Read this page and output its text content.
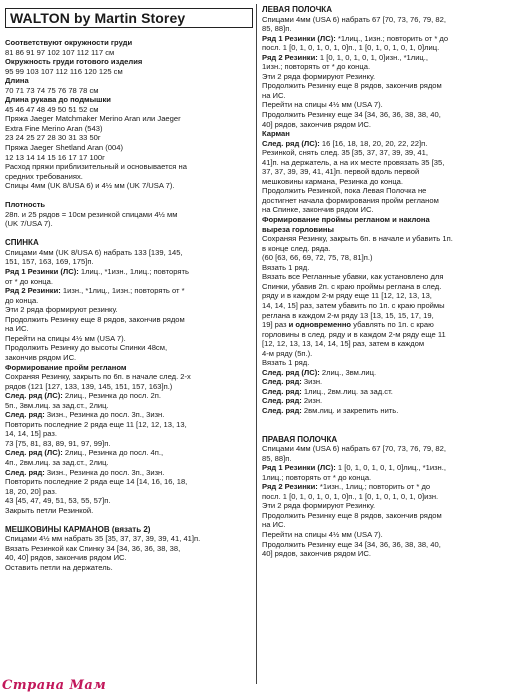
WALTON by Martin Storey
Соответствуют окружности груди
81 86 91 97 102 107 112 117 см
Окружность груди готового изделия
95 99 103 107 112 116 120 125 см
Длина
70 71 73 74 75 76 78 78 см
Длина рукава до подмышки
45 46 47 48 49 50 51 52 см
Пряжа Jaeger Matchmaker Merino Aran или Jaeger
Extra Fine Merino Aran (543)
23 24 25 27 28 30 31 33 50г
Пряжа Jaeger Shetland Aran (004)
12 13 14 14 15 16 17 17 100г
Расход пряжи приблизительный и основывается на
средних требованиях.
Спицы 4мм (UK 8/USA 6) и 4½ мм (UK 7/USA 7).
Плотность
28п. и 25 рядов = 10см резинкой спицами 4½ мм
(UK 7/USA 7).
СПИНКА
Спицами 4мм (UK 8/USA 6) набрать 133 [139, 145,
151, 157, 163, 169, 175]п.
Ряд 1 Резинки (ЛС): 1лиц., *1изн., 1лиц.; повторять
от * до конца.
Ряд 2 Резинки: 1изн., *1лиц., 1изн.; повторять от *
до конца.
Эти 2 ряда формируют резинку.
Продолжить Резинку еще 8 рядов, закончив рядом
на ИС.
Перейти на спицы 4½ мм (USA 7).
Продолжить Резинку до высоты Спинки 48см,
закончив рядом ИС.
Формирование пройм регланом
Сохраняя Резинку, закрыть по 6п. в начале след. 2-х
рядов (121 [127, 133, 139, 145, 151, 157, 163]п.)
След. ряд (ЛС): 2лиц., Резинка до посл. 2п.
5п., 3вм.лиц. за зад.ст., 2лиц.
След. ряд: 3изн., Резинка до посл. 3п., 3изн.
Повторить последние 2 ряда еще 11 [12, 12, 13, 13,
14, 14, 15] раз.
73 [75, 81, 83, 89, 91, 97, 99]п.
След. ряд (ЛС): 2лиц., Резинка до посл. 4п.,
4п., 2вм.лиц. за зад.ст., 2лиц.
След. ряд: 3изн., Резинка до посл. 3п., 3изн.
Повторить последние 2 ряда еще 14 [14, 16, 16, 18,
18, 20, 20] раз.
43 [45, 47, 49, 51, 53, 55, 57]п.
Закрыть петли Резинкой.
МЕШКОВИНЫ КАРМАНОВ (вязать 2)
Спицами 4½ мм набрать 35 [35, 37, 37, 39, 39, 41, 41]п.
Вязать Резинкой как Спинку 34 [34, 36, 36, 38, 38,
40, 40] рядов, закончив рядом ИС.
Оставить петли на держатель.
ЛЕВАЯ ПОЛОЧКА
Спицами 4мм (USA 6) набрать 67 [70, 73, 76, 79, 82,
85, 88]п.
Ряд 1 Резинки (ЛС): *1лиц., 1изн.; повторить от * до
посл. 1 [0, 1, 0, 1, 0, 1, 0]п., 1 [0, 1, 0, 1, 0, 1, 0]лиц.
Ряд 2 Резинки: 1 [0, 1, 0, 1, 0, 1, 0]изн., *1лиц.,
1изн.; повторять от * до конца.
Эти 2 ряда формируют Резинку.
Продолжить Резинку еще 8 рядов, закончив рядом
на ИС.
Перейти на спицы 4½ мм (USA 7).
Продолжить Резинку еще 34 [34, 36, 36, 38, 38, 40,
40] рядов, закончив рядом ИС.
Карман
След. ряд (ЛС): 16 [16, 18, 18, 20, 20, 22, 22]п.
Резинкой, снять след. 35 [35, 37, 37, 39, 39, 41,
41]п. на держатель, а на их месте провязать 35 [35,
37, 37, 39, 39, 41, 41]п. первой вдоль первой
мешковины кармана, Резинка до конца.
Продолжить Резинкой, пока Левая Полочка не
достигнет начала формирования пройм регланом
на Спинке, закончив рядом ИС.
Формирование проймы регланом и наклона
выреза горловины
Сохраняя Резинку, закрыть 6п. в начале и убавить 1п.
в конце след. ряда.
(60 [63, 66, 69, 72, 75, 78, 81]п.)
Вязать 1 ряд.
Вязать все Регланные убавки, как установлено для
Спинки, убавив 2п. с краю проймы реглана в след.
ряду и в каждом 2-м ряду еще 11 [12, 12, 13, 13,
14, 14, 15] раз, затем убавить по 1п. с краю проймы
реглана в каждом 2-м ряду 13 [13, 15, 15, 17, 19,
19] раз и одновременно убавлять по 1п. с краю
горловины в след. ряду и в каждом 2-м ряду еще 11
[12, 12, 13, 13, 14, 14, 15] раз, затем в каждом
4-м ряду (5п.).
Вязать 1 ряд.
След. ряд (ЛС): 2лиц., 3вм.лиц.
След. ряд: 3изн.
След. ряд: 1лиц., 2вм.лиц. за зад.ст.
След. ряд: 2изн.
След. ряд: 2вм.лиц. и закрепить нить.
ПРАВАЯ ПОЛОЧКА
Спицами 4мм (USA 6) набрать 67 [70, 73, 76, 79, 82,
85, 88]п.
Ряд 1 Резинки (ЛС): 1 [0, 1, 0, 1, 0, 1, 0]лиц., *1изн.,
1лиц.; повторять от * до конца.
Ряд 2 Резинки: *1изн., 1лиц.; повторить от * до
посл. 1 [0, 1, 0, 1, 0, 1, 0]п., 1 [0, 1, 0, 1, 0, 1, 0]изн.
Эти 2 ряда формируют Резинку.
Продолжить Резинку еще 8 рядов, закончив рядом
на ИС.
Перейти на спицы 4½ мм (USA 7).
Продолжить Резинку еще 34 [34, 36, 36, 38, 38, 40,
40] рядов, закончив рядом ИС.
Страна Мам
